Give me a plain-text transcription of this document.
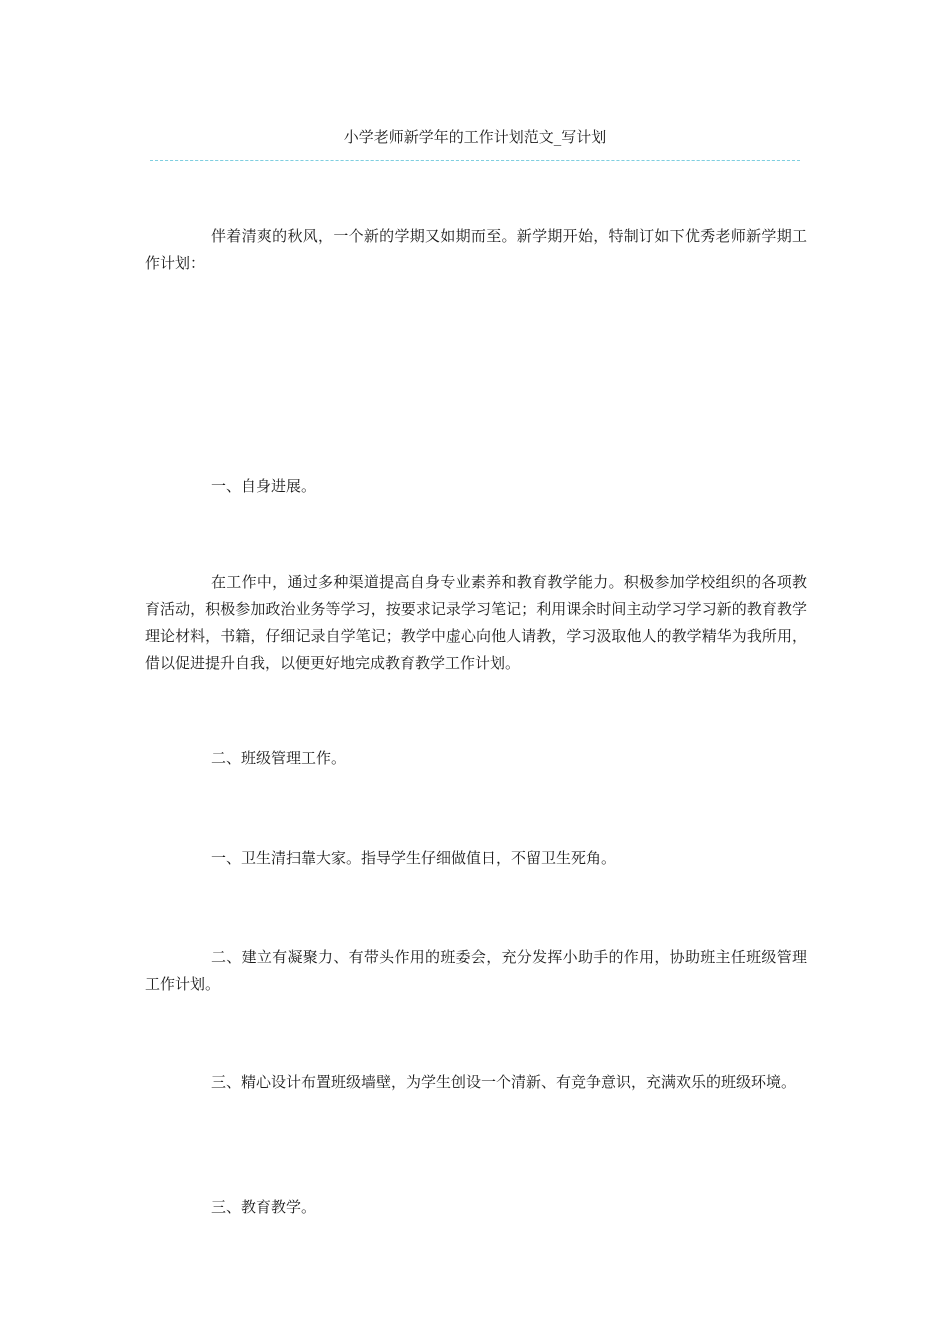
小学老师新学年的工作计划范文_写计划

伴着清爽的秋风，一个新的学期又如期而至。新学期开始，特制订如下优秀老师新学期工作计划：

一、自身进展。

在工作中，通过多种渠道提高自身专业素养和教育教学能力。积极参加学校组织的各项教育活动，积极参加政治业务等学习，按要求记录学习笔记；利用课余时间主动学习学习新的教育教学理论材料，书籍，仔细记录自学笔记；教学中虚心向他人请教，学习汲取他人的教学精华为我所用，借以促进提升自我，以便更好地完成教育教学工作计划。

二、班级管理工作。

一、卫生清扫靠大家。指导学生仔细做值日，不留卫生死角。

二、建立有凝聚力、有带头作用的班委会，充分发挥小助手的作用，协助班主任班级管理工作计划。

三、精心设计布置班级墙壁，为学生创设一个清新、有竞争意识，充满欢乐的班级环境。

三、教育教学。
